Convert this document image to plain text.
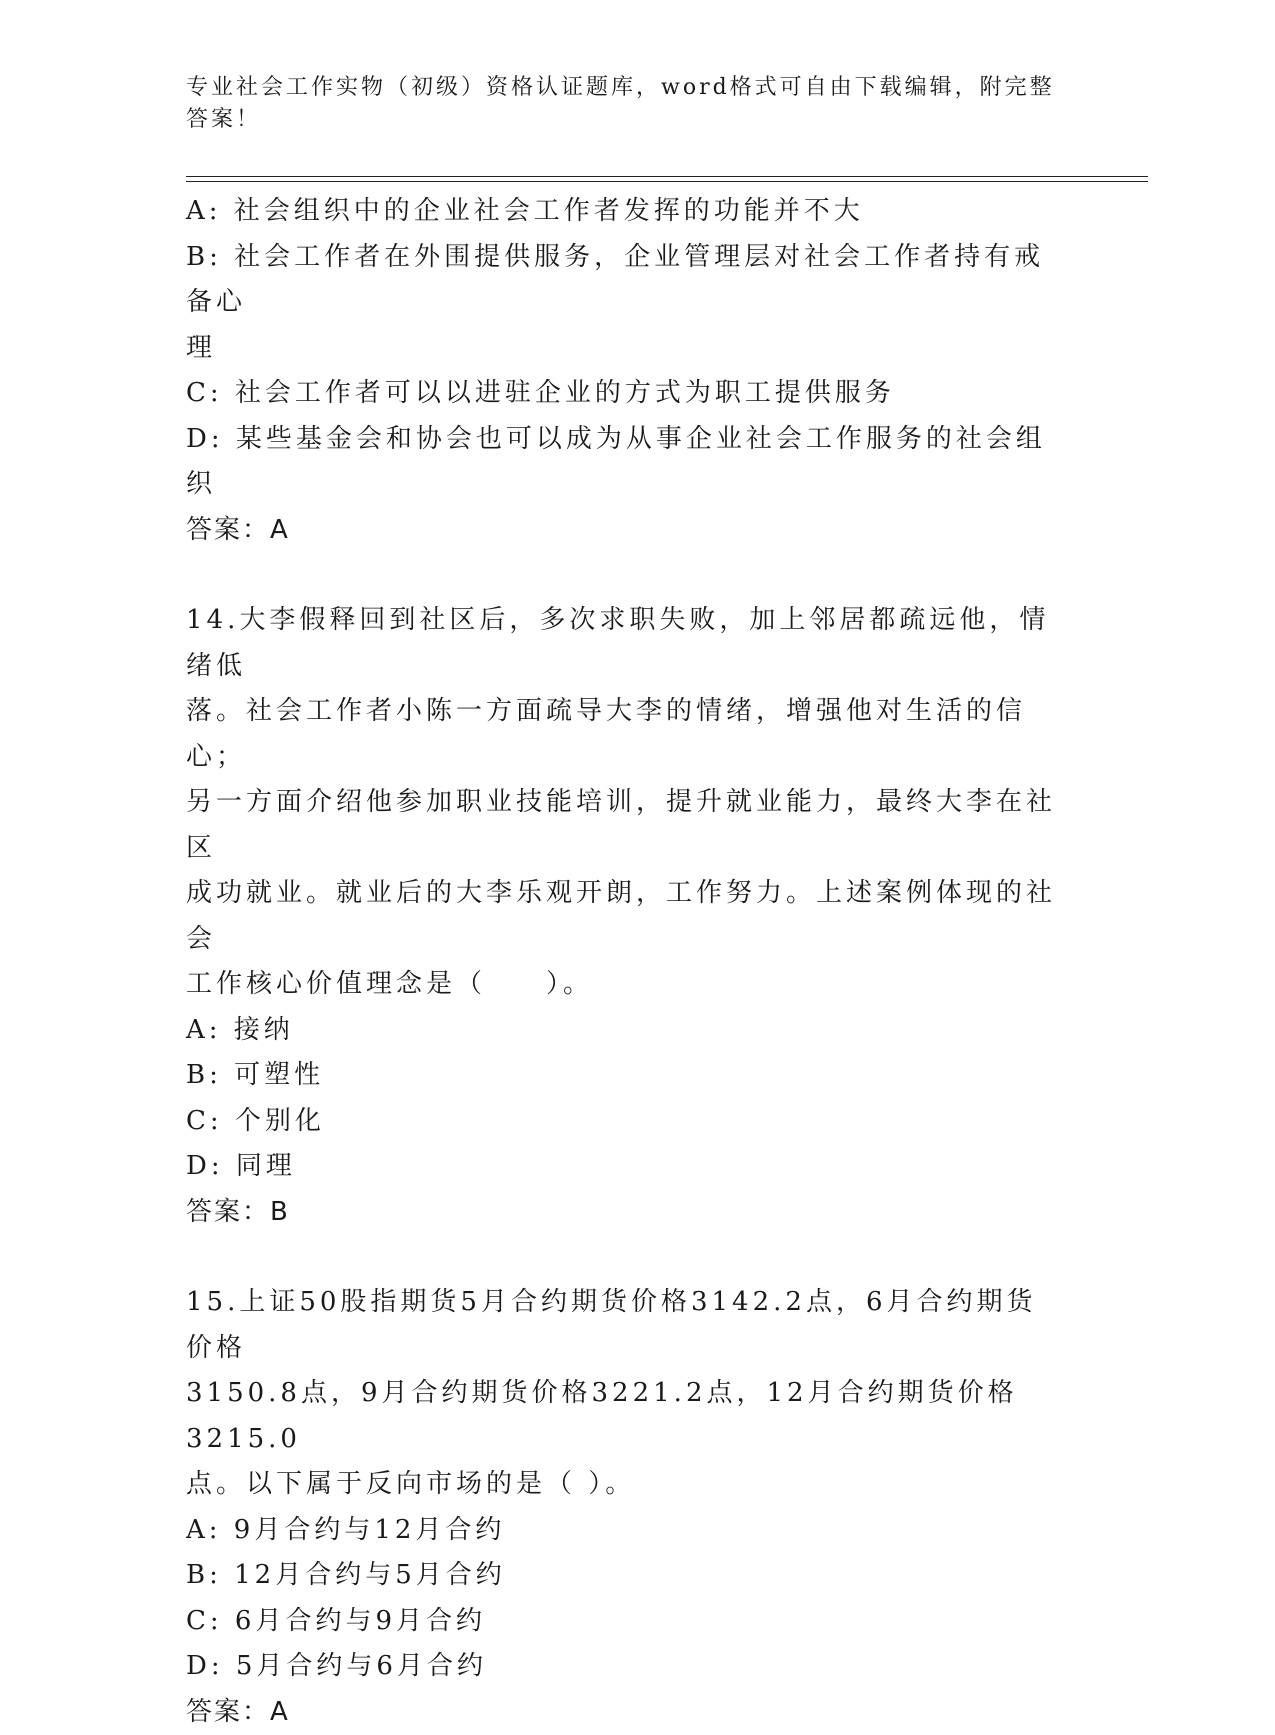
专业社会工作实物（初级）资格认证题库，word格式可自由下载编辑，附完整答案！

A: 社会组织中的企业社会工作者发挥的功能并不大

B: 社会工作者在外围提供服务，企业管理层对社会工作者持有戒备心

理

C: 社会工作者可以以进驻企业的方式为职工提供服务

D: 某些基金会和协会也可以成为从事企业社会工作服务的社会组织

答案：A

14.大李假释回到社区后，多次求职失败，加上邻居都疏远他，情绪低

落。社会工作者小陈一方面疏导大李的情绪，增强他对生活的信心；

另一方面介绍他参加职业技能培训，提升就业能力，最终大李在社区

成功就业。就业后的大李乐观开朗，工作努力。上述案例体现的社会

工作核心价值理念是（　　）。

A: 接纳

B: 可塑性

C: 个别化

D: 同理

答案：B

15.上证50股指期货5月合约期货价格3142.2点，6月合约期货价格

3150.8点，9月合约期货价格3221.2点，12月合约期货价格3215.0

点。以下属于反向市场的是（ ）。

A: 9月合约与12月合约

B: 12月合约与5月合约

C: 6月合约与9月合约

D: 5月合约与6月合约

答案：A
